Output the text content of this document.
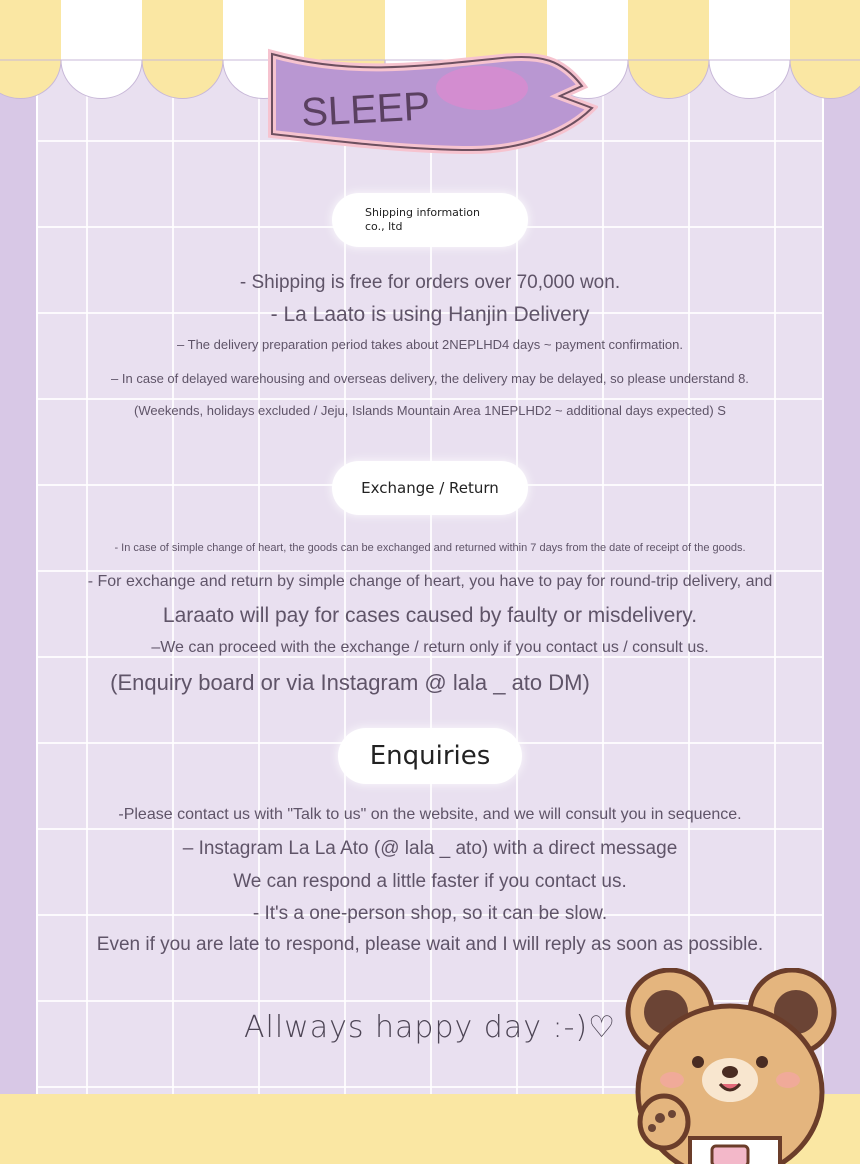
SLEEP
Shipping information
co., ltd
- Shipping is free for orders over 70,000 won.
- La Laato is using Hanjin Delivery
– The delivery preparation period takes about 2NEPLHD4 days ~ payment confirmation.
– In case of delayed warehousing and overseas delivery, the delivery may be delayed, so please understand 8.
(Weekends, holidays excluded / Jeju, Islands Mountain Area 1NEPLHD2 ~ additional days expected) S
Exchange / Return
- In case of simple change of heart, the goods can be exchanged and returned within 7 days from the date of receipt of the goods.
- For exchange and return by simple change of heart, you have to pay for round-trip delivery, and
Laraato will pay for cases caused by faulty or misdelivery.
–We can proceed with the exchange / return only if you contact us / consult us.
(Enquiry board or via Instagram @ lala _ ato DM)
Enquiries
-Please contact us with "Talk to us" on the website, and we will consult you in sequence.
– Instagram La La Ato (@ lala _ ato) with a direct message
We can respond a little faster if you contact us.
- It's a one-person shop, so it can be slow.
Even if you are late to respond, please wait and I will reply as soon as possible.
Allways happy day :-)♡
